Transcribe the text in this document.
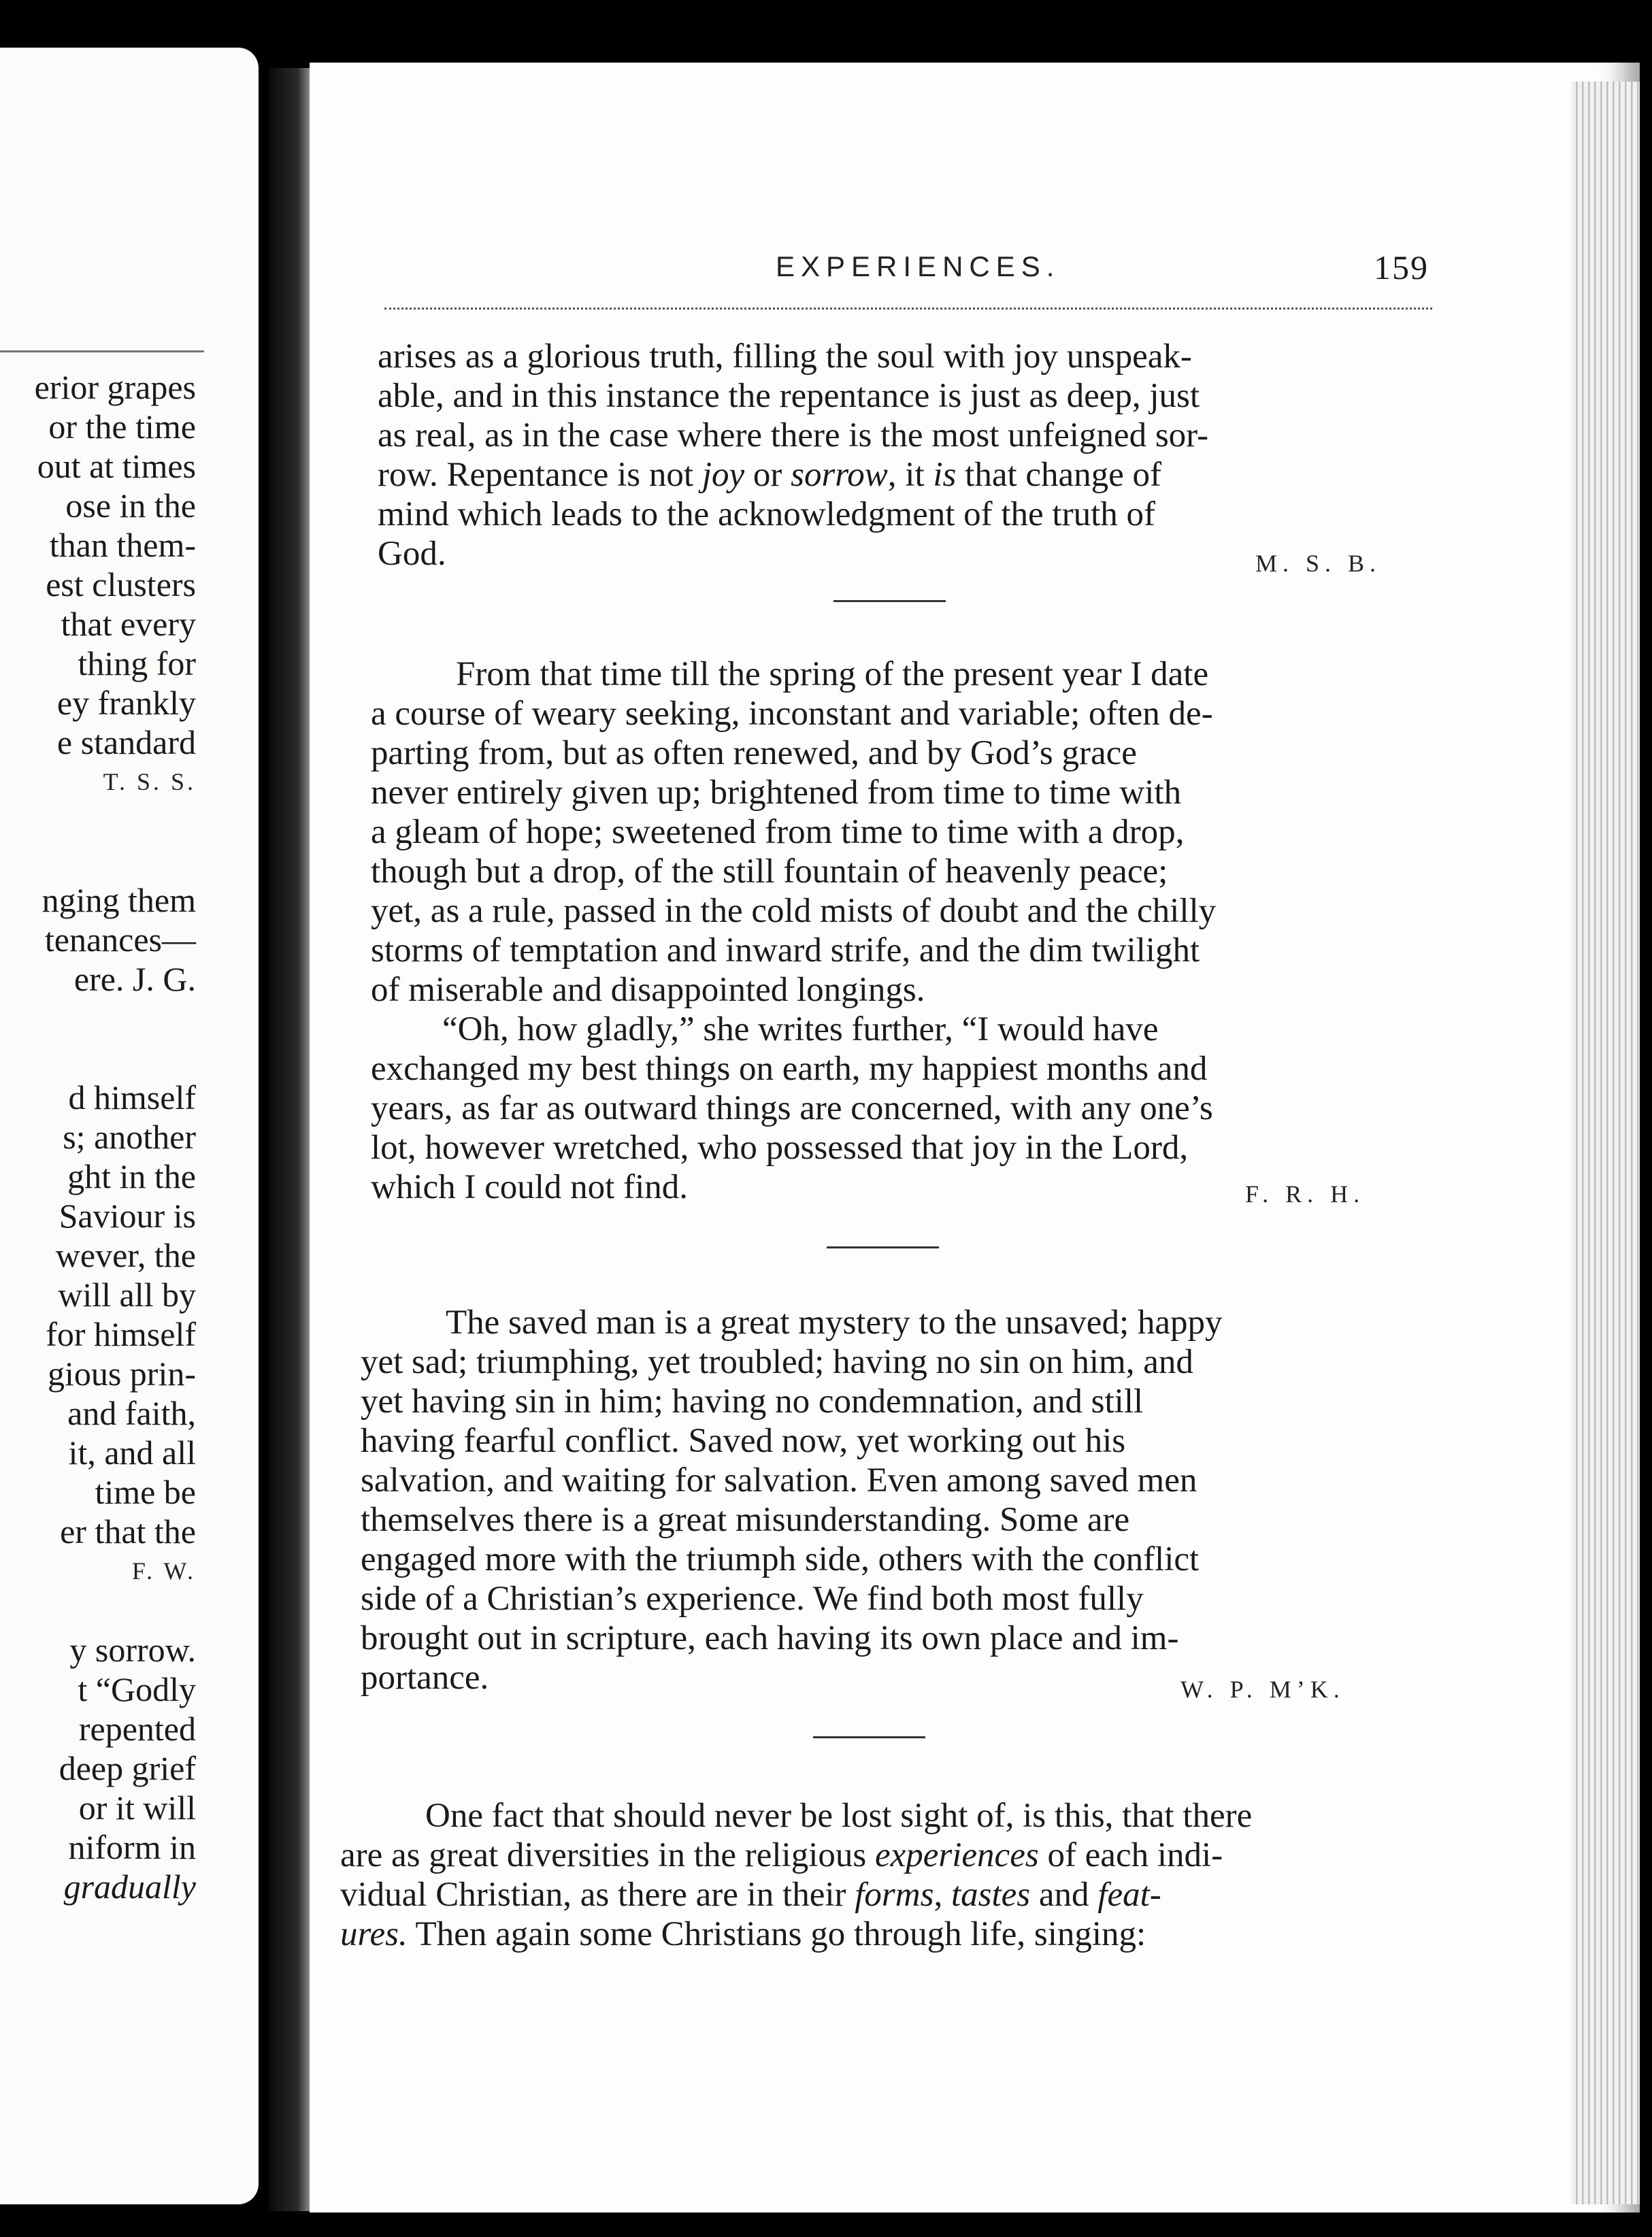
erior grapes
or the time
out at times
ose in the
than them-
est clusters
that every
thing for
ey frankly
e standard
T. S. S.
nging them
tenances—
ere. J. G.
d himself
s; another
ght in the
Saviour is
wever, the
will all by
for himself
gious prin-
and faith,
it, and all
time be
er that the
F. W.
y sorrow.
t “Godly
repented
deep grief
or it will
niform in
gradually
EXPERIENCES.	159
arises as a glorious truth, filling the soul with joy unspeak-
able, and in this instance the repentance is just as deep, just
as real, as in the case where there is the most unfeigned sor-
row. Repentance is not joy or sorrow, it is that change of
mind which leads to the acknowledgment of the truth of
God.	M. S. B.
From that time till the spring of the present year I date
a course of weary seeking, inconstant and variable; often de-
parting from, but as often renewed, and by God’s grace
never entirely given up; brightened from time to time with
a gleam of hope; sweetened from time to time with a drop,
though but a drop, of the still fountain of heavenly peace;
yet, as a rule, passed in the cold mists of doubt and the chilly
storms of temptation and inward strife, and the dim twilight
of miserable and disappointed longings.
“Oh, how gladly,” she writes further, “I would have
exchanged my best things on earth, my happiest months and
years, as far as outward things are concerned, with any one’s
lot, however wretched, who possessed that joy in the Lord,
which I could not find.	F. R. H.
The saved man is a great mystery to the unsaved; happy
yet sad; triumphing, yet troubled; having no sin on him, and
yet having sin in him; having no condemnation, and still
having fearful conflict. Saved now, yet working out his
salvation, and waiting for salvation. Even among saved men
themselves there is a great misunderstanding. Some are
engaged more with the triumph side, others with the conflict
side of a Christian’s experience. We find both most fully
brought out in scripture, each having its own place and im-
portance.	W. P. M’K.
One fact that should never be lost sight of, is this, that there
are as great diversities in the religious experiences of each indi-
vidual Christian, as there are in their forms, tastes and feat-
ures. Then again some Christians go through life, singing:
